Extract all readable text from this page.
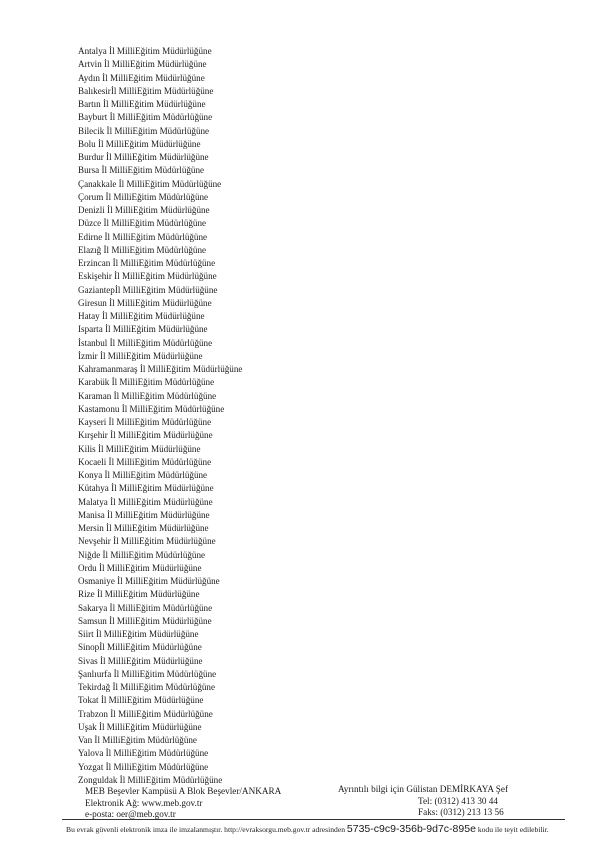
Antalya İl MilliEğitim Müdürlüğüne
Artvin İl MilliEğitim Müdürlüğüne
Aydın İl MilliEğitim Müdürlüğüne
Balıkesirİl MilliEğitim Müdürlüğüne
Bartın İl MilliEğitim Müdürlüğüne
Bayburt İl MilliEğitim Müdürlüğüne
Bilecik İl MilliEğitim Müdürlüğüne
Bolu İl MilliEğitim Müdürlüğüne
Burdur İl MilliEğitim Müdürlüğüne
Bursa İl MilliEğitim Müdürlüğüne
Çanakkale İl MilliEğitim Müdürlüğüne
Çorum İl MilliEğitim Müdürlüğüne
Denizli İl MilliEğitim Müdürlüğüne
Düzce İl MilliEğitim Müdürlüğüne
Edirne İl MilliEğitim Müdürlüğüne
Elazığ İl MilliEğitim Müdürlüğüne
Erzincan İl MilliEğitim Müdürlüğüne
Eskişehir İl MilliEğitim Müdürlüğüne
Gaziantepİl MilliEğitim Müdürlüğüne
Giresun İl MilliEğitim Müdürlüğüne
Hatay İl MilliEğitim Müdürlüğüne
Isparta İl MilliEğitim Müdürlüğüne
İstanbul İl MilliEğitim Müdürlüğüne
İzmir İl MilliEğitim Müdürlüğüne
Kahramanmaraş İl MilliEğitim Müdürlüğüne
Karabük İl MilliEğitim Müdürlüğüne
Karaman İl MilliEğitim Müdürlüğüne
Kastamonu İl MilliEğitim Müdürlüğüne
Kayseri İl MilliEğitim Müdürlüğüne
Kırşehir İl MilliEğitim Müdürlüğüne
Kilis İl MilliEğitim Müdürlüğüne
Kocaeli İl MilliEğitim Müdürlüğüne
Konya İl MilliEğitim Müdürlüğüne
Kütahya İl MilliEğitim Müdürlüğüne
Malatya İl MilliEğitim Müdürlüğüne
Manisa İl MilliEğitim Müdürlüğüne
Mersin İl MilliEğitim Müdürlüğüne
Nevşehir İl MilliEğitim Müdürlüğüne
Niğde İl MilliEğitim Müdürlüğüne
Ordu İl MilliEğitim Müdürlüğüne
Osmaniye İl MilliEğitim Müdürlüğüne
Rize İl MilliEğitim Müdürlüğüne
Sakarya İl MilliEğitim Müdürlüğüne
Samsun İl MilliEğitim Müdürlüğüne
Siirt İl MilliEğitim Müdürlüğüne
Sinopİl MilliEğitim Müdürlüğüne
Sivas İl MilliEğitim Müdürlüğüne
Şanlıurfa İl MilliEğitim Müdürlüğüne
Tekirdağ İl MilliEğitim Müdürlüğüne
Tokat İl MilliEğitim Müdürlüğüne
Trabzon İl MilliEğitim Müdürlüğüne
Uşak İl MilliEğitim Müdürlüğüne
Van İl MilliEğitim Müdürlüğüne
Yalova İl MilliEğitim Müdürlüğüne
Yozgat İl MilliEğitim Müdürlüğüne
Zonguldak İl MilliEğitim Müdürlüğüne
MEB Beşevler Kampüsü A Blok Beşevler/ANKARA
Elektronik Ağ: www.meb.gov.tr
e-posta: oer@meb.gov.tr
Ayrıntılı bilgi için Gülistan DEMİRKAYA Şef
Tel: (0312) 413 30 44
Faks: (0312) 213 13 56
Bu evrak güvenli elektronik imza ile imzalanmıştır. http://evraksorgu.meb.gov.tr adresinden 5735-c9c9-356b-9d7c-895e kodu ile teyit edilebilir.
